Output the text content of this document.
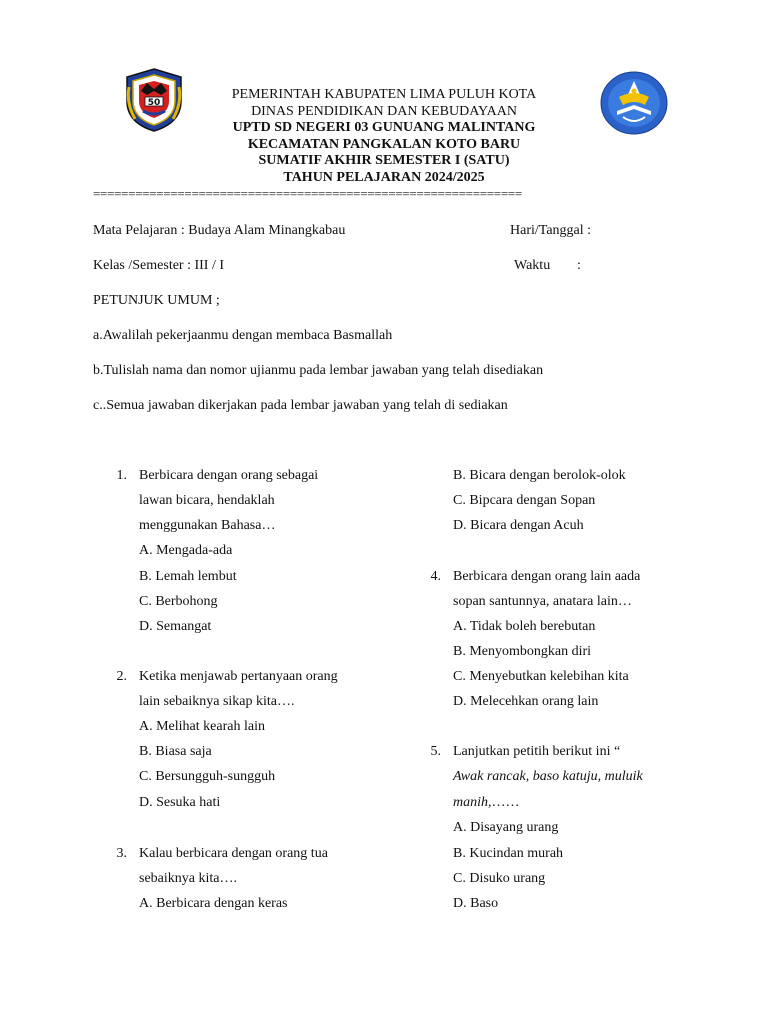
50
PEMERINTAH KABUPATEN LIMA PULUH KOTA
DINAS PENDIDIKAN DAN KEBUDAYAAN
UPTD SD NEGERI 03 GUNUANG MALINTANG
KECAMATAN PANGKALAN KOTO BARU
SUMATIF AKHIR SEMESTER I (SATU)
TAHUN PELAJARAN 2024/2025
=============================================================
Mata Pelajaran : Budaya Alam Minangkabau	Hari/Tanggal :
Kelas /Semester : III / I	Waktu :
PETUNJUK UMUM ;
a.Awalilah pekerjaanmu dengan membaca Basmallah
b.Tulislah nama dan nomor ujianmu pada lembar jawaban yang telah disediakan
c..Semua jawaban dikerjakan pada lembar jawaban yang telah di sediakan
1. Berbicara dengan orang sebagai
lawan bicara, hendaklah
menggunakan Bahasa…
A. Mengada-ada
B. Lemah lembut
C. Berbohong
D. Semangat
2. Ketika menjawab pertanyaan orang
lain sebaiknya sikap kita….
A. Melihat kearah lain
B. Biasa saja
C. Bersungguh-sungguh
D. Sesuka hati
3. Kalau berbicara dengan orang tua
sebaiknya kita….
A. Berbicara dengan keras
B. Bicara dengan berolok-olok
C. Bipcara dengan Sopan
D. Bicara dengan Acuh
4. Berbicara dengan orang lain aada
sopan santunnya, anatara lain…
A. Tidak boleh berebutan
B. Menyombongkan diri
C. Menyebutkan kelebihan kita
D. Melecehkan orang lain
5. Lanjutkan petitih berikut ini “
Awak rancak, baso katuju, muluik
manih,……
A. Disayang urang
B. Kucindan murah
C. Disuko urang
D. Baso
